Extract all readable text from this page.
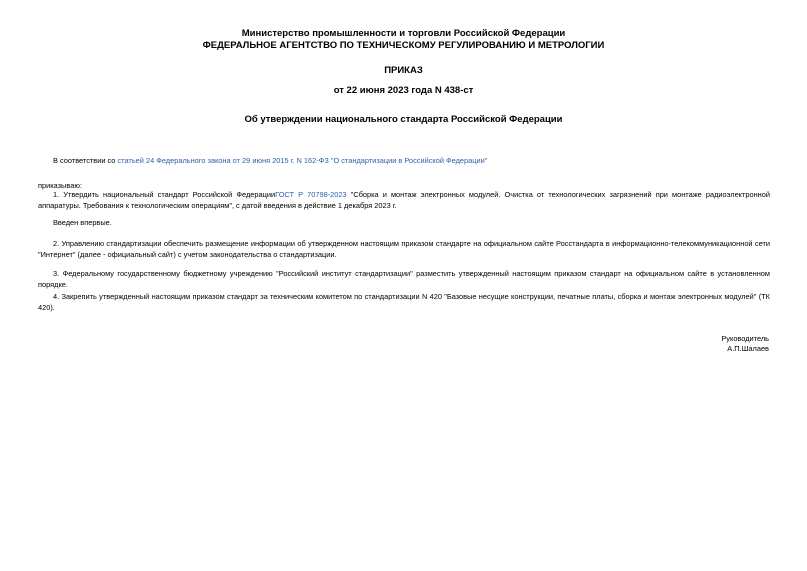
Министерство промышленности и торговли Российской Федерации
ФЕДЕРАЛЬНОЕ АГЕНТСТВО ПО ТЕХНИЧЕСКОМУ РЕГУЛИРОВАНИЮ И МЕТРОЛОГИИ
ПРИКАЗ
от 22 июня 2023 года N 438-ст
Об утверждении национального стандарта Российской Федерации
В соответствии со статьей 24 Федерального закона от 29 июня 2015 г. N 162-ФЗ "О стандартизации в Российской Федерации"
приказываю:
1. Утвердить национальный стандарт Российской ФедерацииГОСТ Р 70798-2023 "Сборка и монтаж электронных модулей. Очистка от технологических загрязнений при монтаже радиоэлектронной аппаратуры. Требования к технологическим операциям", с датой введения в действие 1 декабря 2023 г.
Введен впервые.
2. Управлению стандартизации обеспечить размещение информации об утвержденном настоящим приказом стандарте на официальном сайте Росстандарта в информационно-телекоммуникационной сети "Интернет" (далее - официальный сайт) с учетом законодательства о стандартизации.
3. Федеральному государственному бюджетному учреждению "Российский институт стандартизации" разместить утвержденный настоящим приказом стандарт на официальном сайте в установленном порядке.
4. Закрепить утвержденный настоящим приказом стандарт за техническим комитетом по стандартизации N 420 "Базовые несущие конструкции, печатные платы, сборка и монтаж электронных модулей" (ТК 420).
Руководитель
А.П.Шалаев
